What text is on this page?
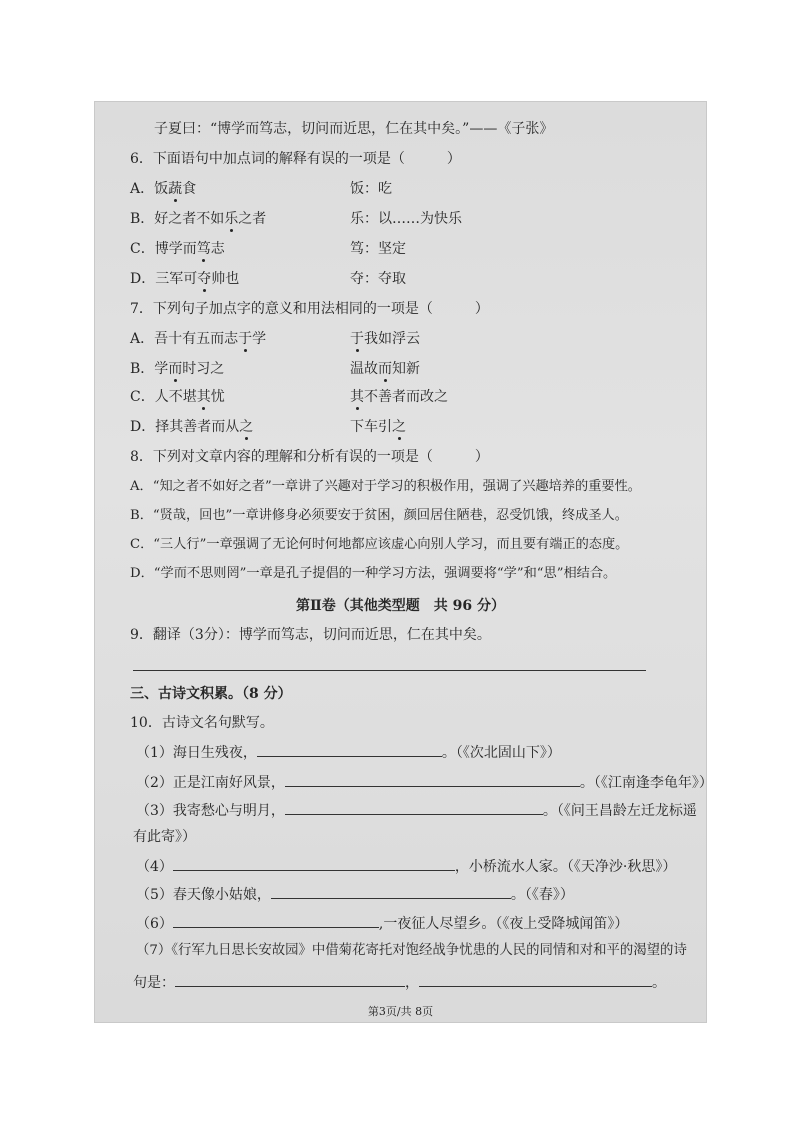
子夏曰：“博学而笃志，切问而近思，仁在其中矣。”——《子张》
6．下面语句中加点词的解释有误的一项是（　　　）
A．饭蔬食	饭：吃
B．好之者不如乐之者	乐：以……为快乐
C．博学而笃志	笃：坚定
D．三军可夺帅也	夺：夺取
7．下列句子加点字的意义和用法相同的一项是（　　　）
A．吾十有五而志于学	于我如浮云
B．学而时习之	温故而知新
C．人不堪其忧	其不善者而改之
D．择其善者而从之	下车引之
8．下列对文章内容的理解和分析有误的一项是（　　　）
A．“知之者不如好之者”一章讲了兴趣对于学习的积极作用，强调了兴趣培养的重要性。
B．“贤哉，回也”一章讲修身必须要安于贫困，颜回居住陋巷，忍受饥饿，终成圣人。
C．“三人行”一章强调了无论何时何地都应该虚心向别人学习，而且要有端正的态度。
D．“学而不思则罔”一章是孔子提倡的一种学习方法，强调要将“学”和“思”相结合。
第Ⅱ卷（其他类型题　共 96 分）
9．翻译（3分）：博学而笃志，切问而近思，仁在其中矣。
三、古诗文积累。（8 分）
10．古诗文名句默写。
（1）海日生残夜，	。（《次北固山下》）
（2）正是江南好风景，	。（《江南逢李龟年》）
（3）我寄愁心与明月，	。（《问王昌龄左迁龙标遥
有此寄》）
（4）	，小桥流水人家。（《天净沙·秋思》）
（5）春天像小姑娘，	。（《春》）
（6）	,一夜征人尽望乡。（《夜上受降城闻笛》）
（7）《行军九日思长安故园》中借菊花寄托对饱经战争忧患的人民的同情和对和平的渴望的诗
句是：	，	。
第3页/共 8页
